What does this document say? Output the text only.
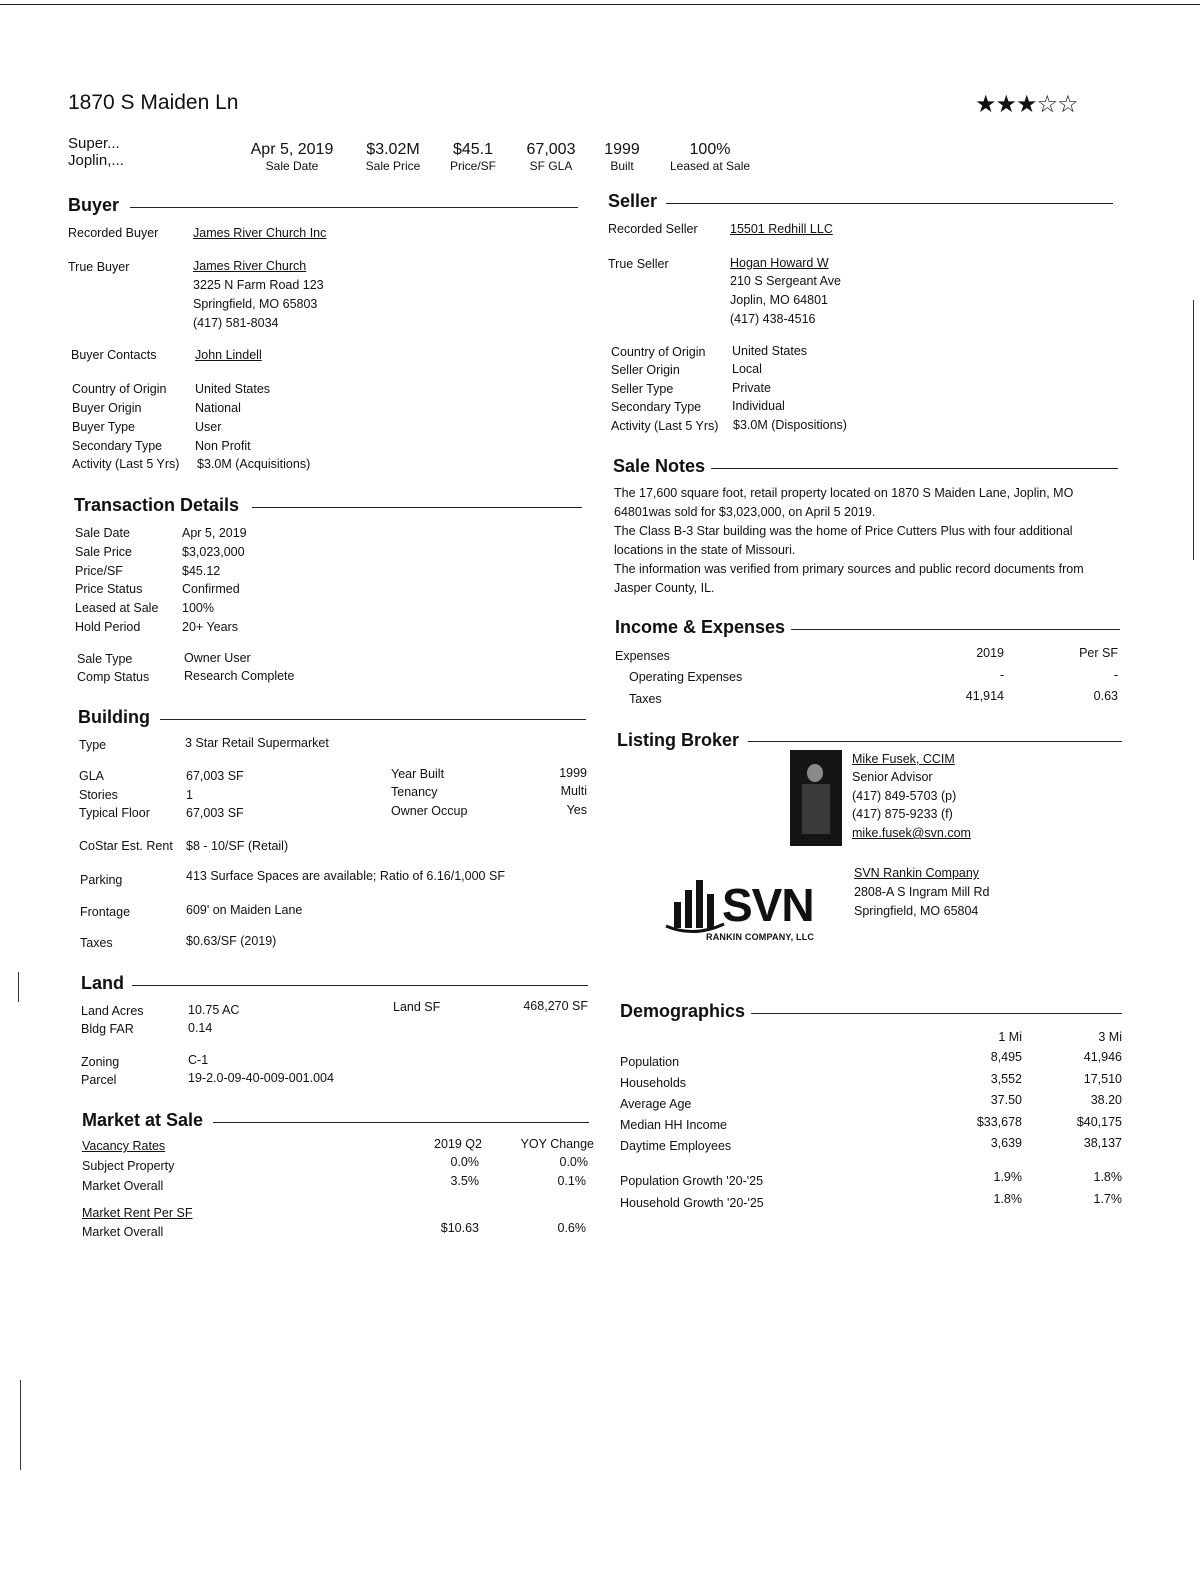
1870 S Maiden Ln	★★★☆☆
Super...
Joplin,...
Apr 5, 2019
Sale Date
$3.02M
Sale Price
$45.1
Price/SF
67,003
SF GLA
1999
Built
100%
Leased at Sale
Buyer
Recorded Buyer	James River Church Inc
True Buyer	James River Church
3225 N Farm Road 123
Springfield, MO 65803
(417) 581-8034
Buyer Contacts	John Lindell
Country of Origin United States
Buyer Origin	National
Buyer Type	User
Secondary Type	Non Profit
Activity (Last 5 Yrs) $3.0M (Acquisitions)
Transaction Details
Sale Date	Apr 5, 2019
Sale Price	$3,023,000
Price/SF	$45.12
Price Status	Confirmed
Leased at Sale 100%
Hold Period	20+ Years
Sale Type	Owner User
Comp Status	Research Complete
Building
Type	3 Star Retail Supermarket
GLA	67,003 SF
Stories	1
Typical Floor	67,003 SF
Year Built	1999
Tenancy	Multi
Owner Occup	Yes
CoStar Est. Rent $8 - 10/SF (Retail)
Parking	413 Surface Spaces are available; Ratio of 6.16/1,000 SF
Frontage	609' on Maiden Lane
Taxes	$0.63/SF (2019)
Land
Land Acres	10.75 AC	Land SF	468,270 SF
Bldg FAR	0.14
Zoning	C-1
Parcel	19-2.0-09-40-009-001.004
Market at Sale
Vacancy Rates	2019 Q2	YOY Change
Subject Property	0.0%	0.0%
Market Overall	3.5%	0.1%
Market Rent Per SF
Market Overall	$10.63	0.6%
Seller
Recorded Seller	15501 Redhill LLC
True Seller	Hogan Howard W
210 S Sergeant Ave
Joplin, MO 64801
(417) 438-4516
Country of Origin United States
Seller Origin	Local
Seller Type	Private
Secondary Type Individual
Activity (Last 5 Yrs) $3.0M (Dispositions)
Sale Notes

The 17,600 square foot, retail property located on 1870 S Maiden Lane, Joplin, MO 64801was sold for $3,023,000, on April 5 2019.

The Class B-3 Star building was the home of Price Cutters Plus with four additional locations in the state of Missouri.

The information was verified from primary sources and public record documents from Jasper County, IL.

Income & Expenses
Expenses	2019	Per SF
Operating Expenses	-	-
Taxes	41,914	0.63
Listing Broker
Mike Fusek, CCIM
Senior Advisor
(417) 849-5703 (p)
(417) 875-9233 (f)
mike.fusek@svn.com
SVN Rankin Company
2808-A S Ingram Mill Rd
Springfield, MO 65804
SVN
RANKIN COMPANY, LLC
Demographics
1 Mi	3 Mi
Population	8,495	41,946
Households	3,552	17,510
Average Age	37.50	38.20
Median HH Income	$33,678	$40,175
Daytime Employees	3,639	38,137
Population Growth '20-'25	1.9%	1.8%
Household Growth '20-'25	1.8%	1.7%
